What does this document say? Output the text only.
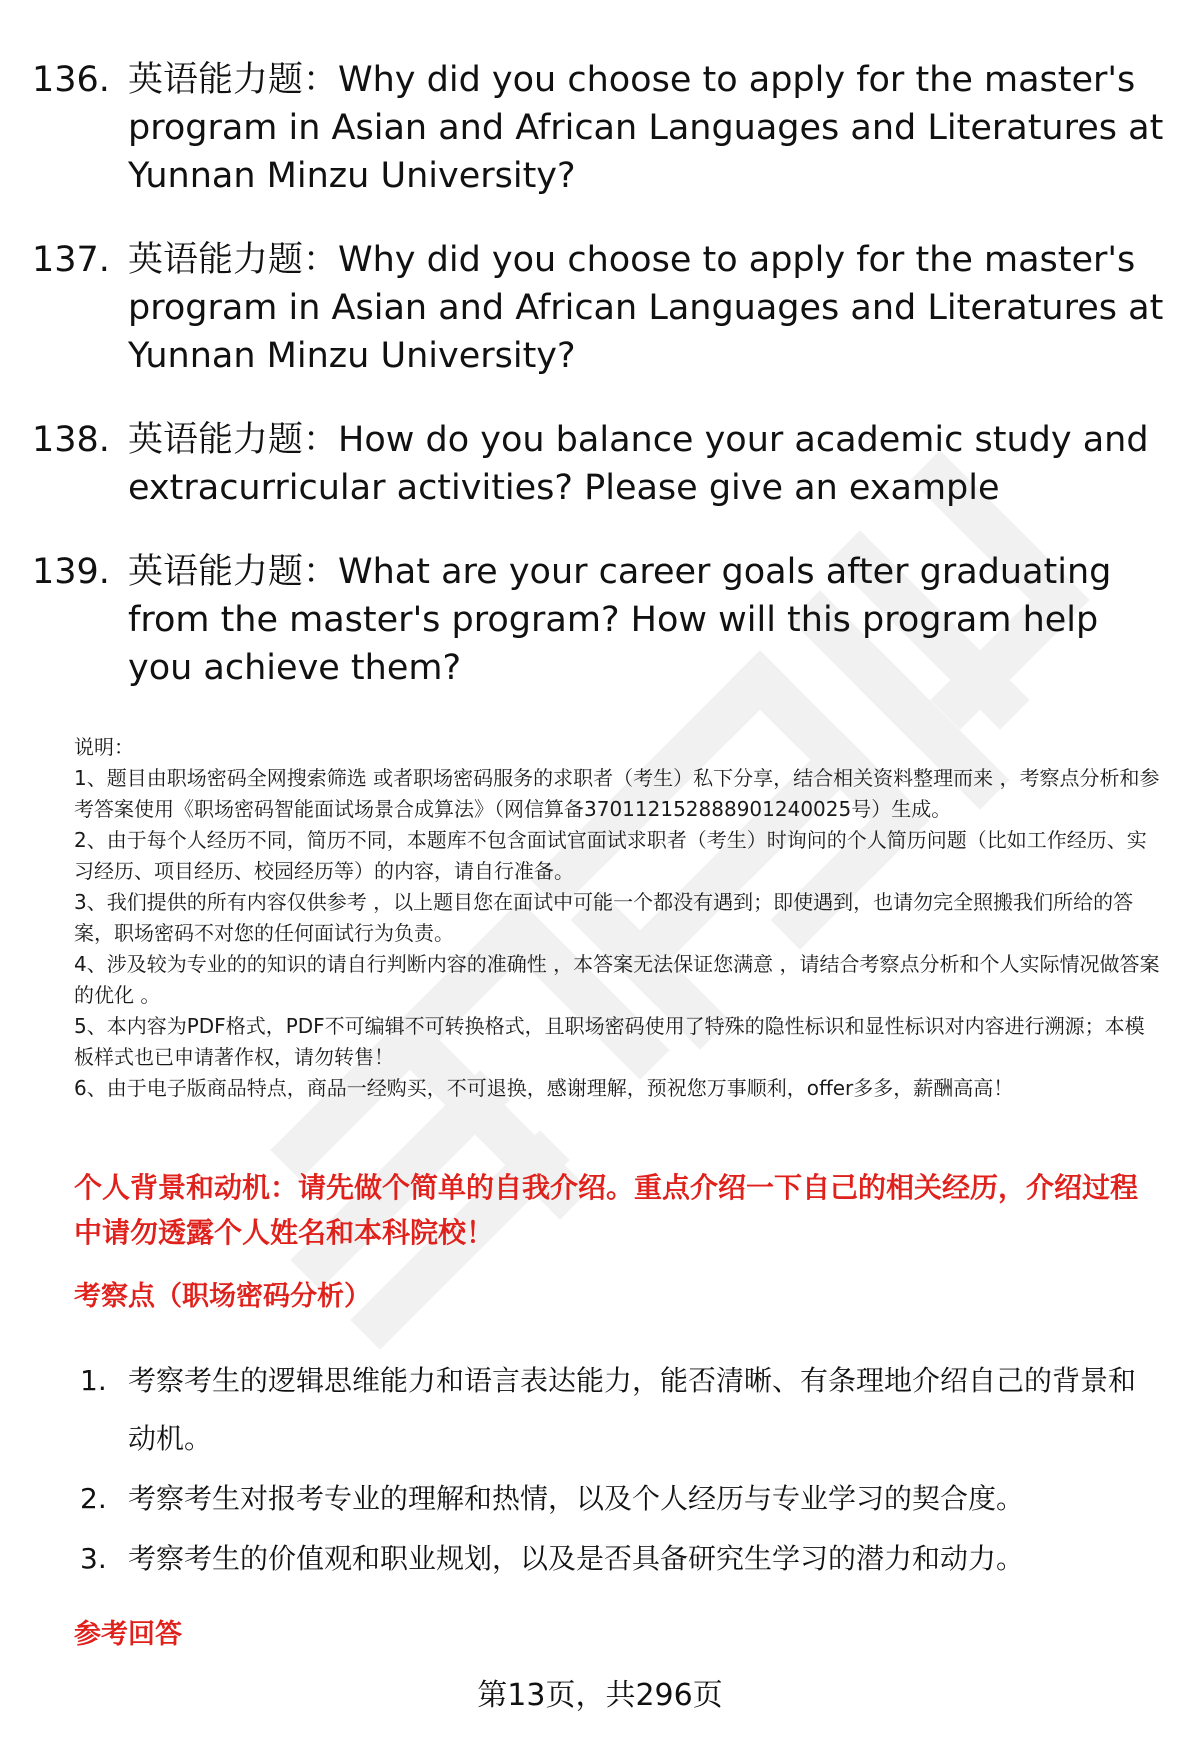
136. 英语能力题：Why did you choose to apply for the master's program in Asian and African Languages and Literatures at Yunnan Minzu University?
137. 英语能力题：Why did you choose to apply for the master's program in Asian and African Languages and Literatures at Yunnan Minzu University?
138. 英语能力题：How do you balance your academic study and extracurricular activities? Please give an example
139. 英语能力题：What are your career goals after graduating from the master's program? How will this program help you achieve them?

说明：

1、题目由职场密码全网搜索筛选 或者职场密码服务的求职者（考生）私下分享，结合相关资料整理而来 ，考察点分析和参考答案使用《职场密码智能面试场景合成算法》（网信算备370112152888901240025号）生成。

2、由于每个人经历不同，简历不同，本题库不包含面试官面试求职者（考生）时询问的个人简历问题（比如工作经历、实习经历、项目经历、校园经历等）的内容，请自行准备。

3、我们提供的所有内容仅供参考 ，以上题目您在面试中可能一个都没有遇到；即使遇到，也请勿完全照搬我们所给的答案，职场密码不对您的任何面试行为负责。

4、涉及较为专业的的知识的请自行判断内容的准确性 ，本答案无法保证您满意 ，请结合考察点分析和个人实际情况做答案的优化 。

5、本内容为PDF格式，PDF不可编辑不可转换格式，且职场密码使用了特殊的隐性标识和显性标识对内容进行溯源；本模板样式也已申请著作权，请勿转售！

6、由于电子版商品特点，商品一经购买，不可退换，感谢理解，预祝您万事顺利，offer多多，薪酬高高！

个人背景和动机：请先做个简单的自我介绍。重点介绍一下自己的相关经历，介绍过程中请勿透露个人姓名和本科院校！

考察点（职场密码分析）

1. 考察考生的逻辑思维能力和语言表达能力，能否清晰、有条理地介绍自己的背景和动机。
2. 考察考生对报考专业的理解和热情，以及个人经历与专业学习的契合度。
3. 考察考生的价值观和职业规划，以及是否具备研究生学习的潜力和动力。

参考回答

第13页，共296页
